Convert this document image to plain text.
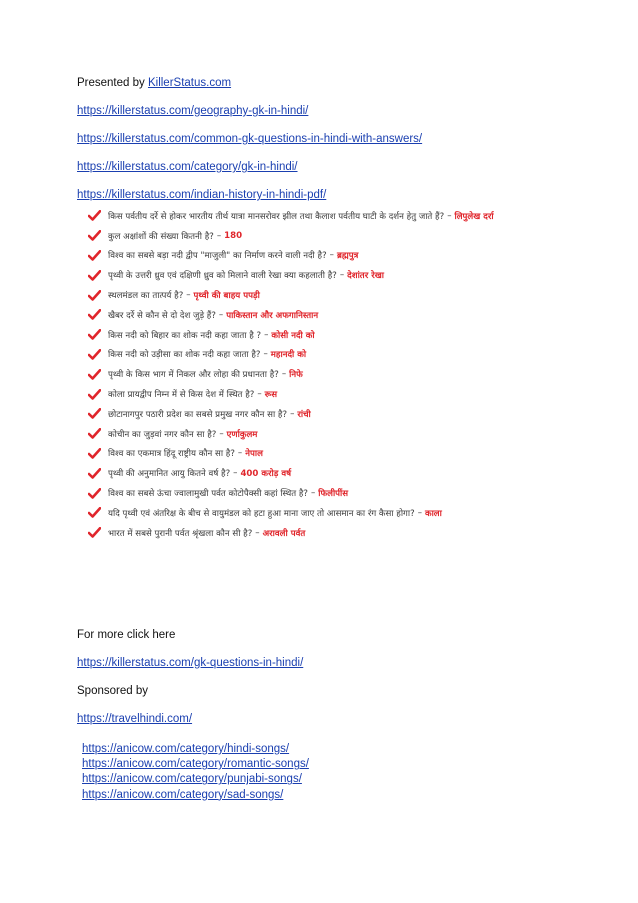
Presented by KillerStatus.com
https://killerstatus.com/geography-gk-in-hindi/
https://killerstatus.com/common-gk-questions-in-hindi-with-answers/
https://killerstatus.com/category/gk-in-hindi/
https://killerstatus.com/indian-history-in-hindi-pdf/
किस पर्वतीय दर्रे से होकर भारतीय तीर्थ यात्रा मानसरोवर झील तथा कैलाश पर्वतीय घाटी के दर्शन हेतु जाते हैं? – लिपुलेख दर्रा
कुल अक्षांशों की संख्या कितनी है? – 180
विश्व का सबसे बड़ा नदी द्वीप "माजुली" का निर्माण करने वाली नदी है? – ब्रह्मपुत्र
पृथ्वी के उत्तरी ध्रुव एवं दक्षिणी ध्रुव को मिलाने वाली रेखा क्या कहलाती है? – देशांतर रेखा
स्थलमंडल का तात्पर्य है? – पृथ्वी की बाहय पपड़ी
खैबर दर्रे से कौन से दो देश जुड़े हैं? – पाकिस्तान और अफगानिस्तान
किस नदी को बिहार का शोक नदी कहा जाता है ? – कोसी नदी को
किस नदी को उड़ीसा का शोक नदी कहा जाता है? – महानदी को
पृथ्वी के किस भाग में निकल और लोहा की प्रधानता है? – निफे
कोला प्रायद्वीप निम्न में से किस देश में स्थित है? – रूस
छोटानागपुर पठारी प्रदेश का सबसे प्रमुख नगर कौन सा है? – रांची
कोचीन का जुड़वां नगर कौन सा है? – एर्णाकुलम
विश्व का एकमात्र हिंदू राष्ट्रीय कौन सा है? – नेपाल
पृथ्वी की अनुमानित आयु कितने वर्ष है? – 400 करोड़ वर्ष
विश्व का सबसे ऊंचा ज्वालामुखी पर्वत कोटोपैक्सी कहां स्थित है? – फिलीपींस
यदि पृथ्वी एवं अंतरिक्ष के बीच से वायुमंडल को हटा हुआ माना जाए तो आसमान का रंग कैसा होगा? – काला
भारत में सबसे पुरानी पर्वत श्रृंखला कौन सी है? – अरावली पर्वत
For more click here
https://killerstatus.com/gk-questions-in-hindi/
Sponsored by
https://travelhindi.com/
https://anicow.com/category/hindi-songs/
https://anicow.com/category/romantic-songs/
https://anicow.com/category/punjabi-songs/
https://anicow.com/category/sad-songs/
